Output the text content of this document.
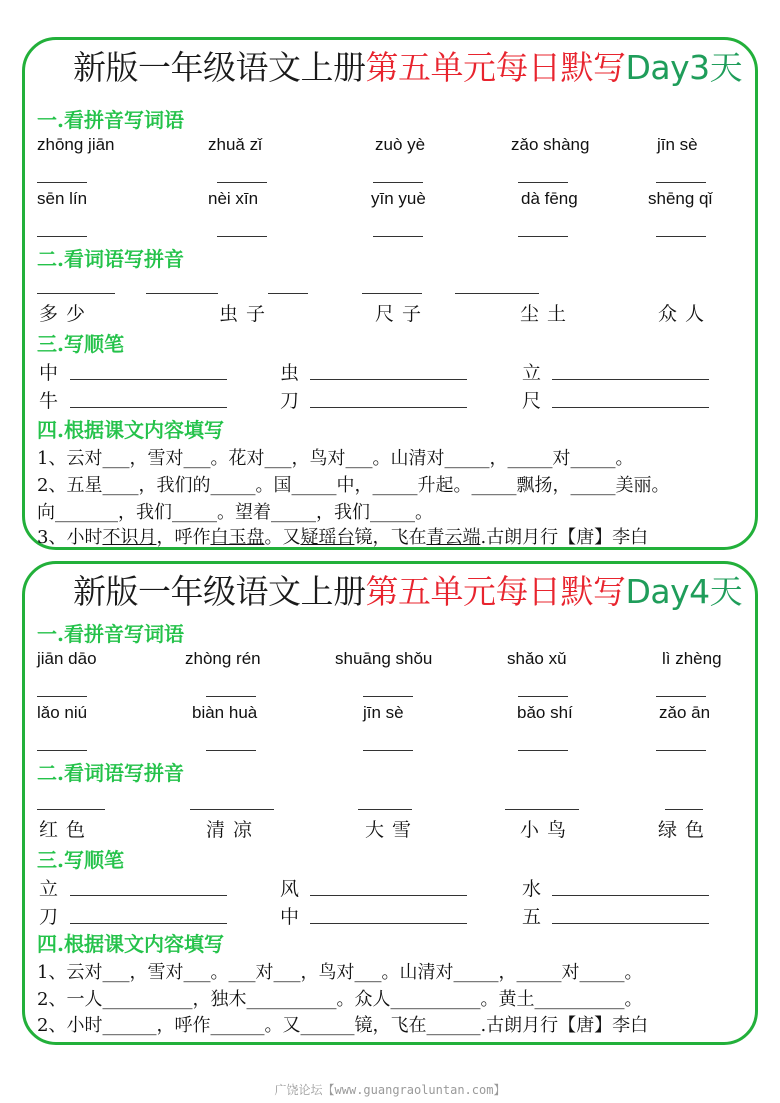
新版一年级语文上册第五单元每日默写Day3天
一.看拼音写词语
zhōng jiān	zhuǎ zǐ	zuò yè	zǎo shàng	jīn sè
sēn lín	nèi xīn	yīn yuè	dà fēng	shēng qǐ
二.看词语写拼音
多少	虫子	尺子	尘土	众人
三.写顺笔
中	虫	立
牛	刀	尺
四.根据课文内容填写
1、云对___，雪对___。花对___，鸟对___。山清对_____，_____对_____。
2、五星____，我们的_____。国_____中，_____升起。_____飘扬，_____美丽。
向_______，我们_____。望着_____，我们_____。
3、小时不识月，呼作白玉盘。又疑瑶台镜，飞在青云端.古朗月行【唐】李白
新版一年级语文上册第五单元每日默写Day4天
一.看拼音写词语
jiān dāo	zhòng rén	shuāng shǒu	shǎo xǔ	lì zhèng
lǎo niú	biàn huà	jīn sè	bǎo shí	zǎo ān
二.看词语写拼音
红色	清凉	大雪	小鸟	绿色
三.写顺笔
立	风	水
刀	中	五
四.根据课文内容填写
1、云对___，雪对___。___对___，鸟对___。山清对_____，_____对_____。
2、一人__________，独木__________。众人__________。黄土__________。
2、小时______，呼作______。又______镜，飞在______.古朗月行【唐】李白
广饶论坛【www.guangraoluntan.com】
